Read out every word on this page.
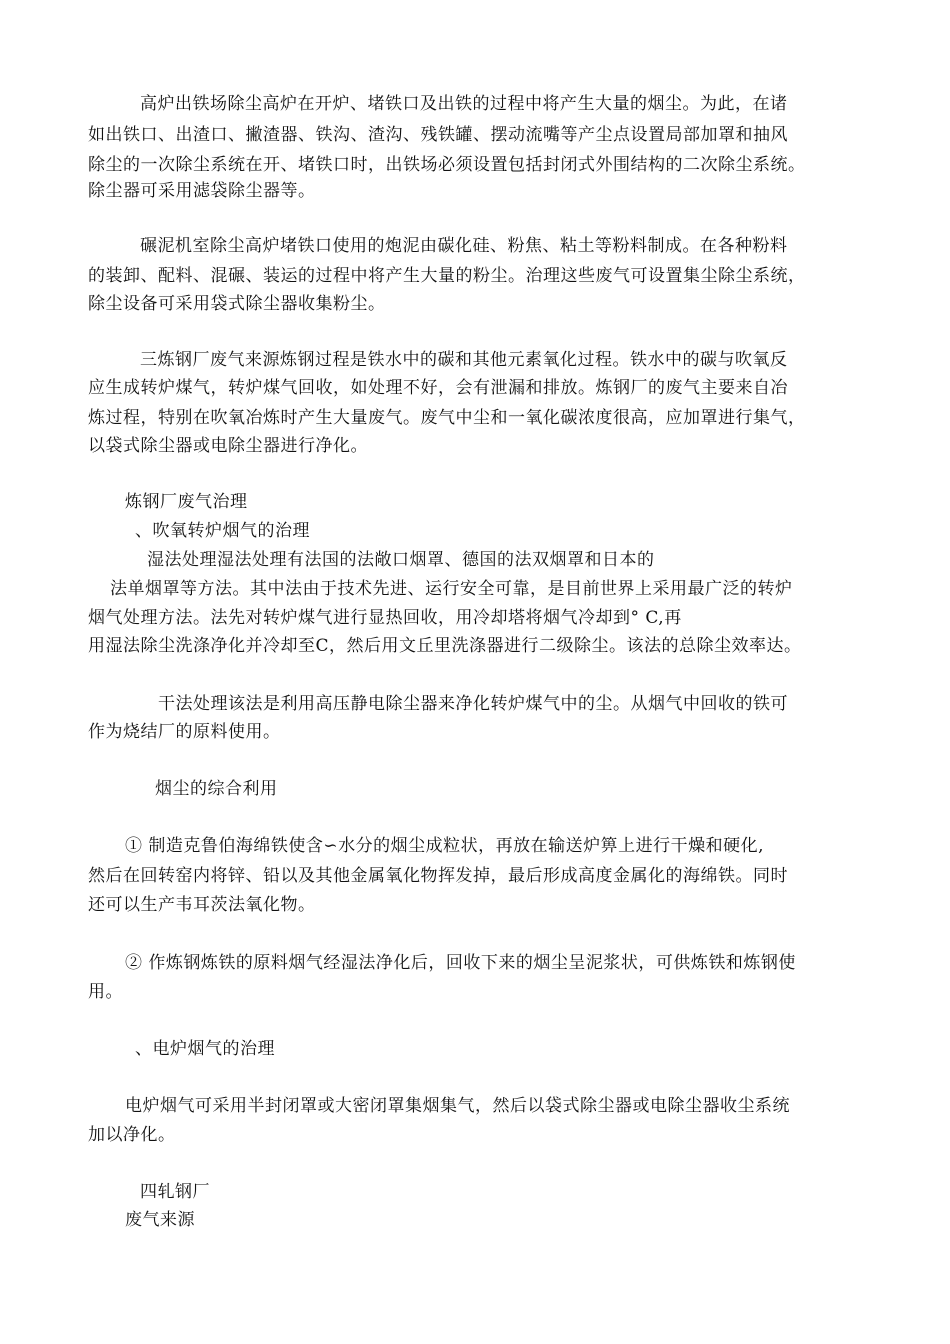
高炉出铁场除尘高炉在开炉、堵铁口及出铁的过程中将产生大量的烟尘。为此，在诸
如出铁口、出渣口、撇渣器、铁沟、渣沟、残铁罐、摆动流嘴等产尘点设置局部加罩和抽风
除尘的一次除尘系统在开、堵铁口时，出铁场必须设置包括封闭式外围结构的二次除尘系统。
除尘器可采用滤袋除尘器等。
碾泥机室除尘高炉堵铁口使用的炮泥由碳化硅、粉焦、粘土等粉料制成。在各种粉料
的装卸、配料、混碾、装运的过程中将产生大量的粉尘。治理这些废气可设置集尘除尘系统，
除尘设备可采用袋式除尘器收集粉尘。
三炼钢厂废气来源炼钢过程是铁水中的碳和其他元素氧化过程。铁水中的碳与吹氧反
应生成转炉煤气，转炉煤气回收，如处理不好，会有泄漏和排放。炼钢厂的废气主要来自冶
炼过程，特别在吹氧冶炼时产生大量废气。废气中尘和一氧化碳浓度很高，应加罩进行集气，
以袋式除尘器或电除尘器进行净化。
炼钢厂废气治理
、吹氧转炉烟气的治理
湿法处理湿法处理有法国的法敞口烟罩、德国的法双烟罩和日本的
法单烟罩等方法。其中法由于技术先进、运行安全可靠，是目前世界上采用最广泛的转炉
烟气处理方法。法先对转炉煤气进行显热回收，用冷却塔将烟气冷却到° C,再
用湿法除尘洗涤净化并冷却至C，然后用文丘里洗涤器进行二级除尘。该法的总除尘效率达。
干法处理该法是利用高压静电除尘器来净化转炉煤气中的尘。从烟气中回收的铁可
作为烧结厂的原料使用。
烟尘的综合利用
① 制造克鲁伯海绵铁使含∽水分的烟尘成粒状，再放在输送炉箅上进行干燥和硬化,
然后在回转窑内将锌、铅以及其他金属氧化物挥发掉，最后形成高度金属化的海绵铁。同时
还可以生产韦耳茨法氧化物。
② 作炼钢炼铁的原料烟气经湿法净化后，回收下来的烟尘呈泥浆状，可供炼铁和炼钢使
用。
、电炉烟气的治理
电炉烟气可采用半封闭罩或大密闭罩集烟集气，然后以袋式除尘器或电除尘器收尘系统
加以净化。
四轧钢厂
废气来源
